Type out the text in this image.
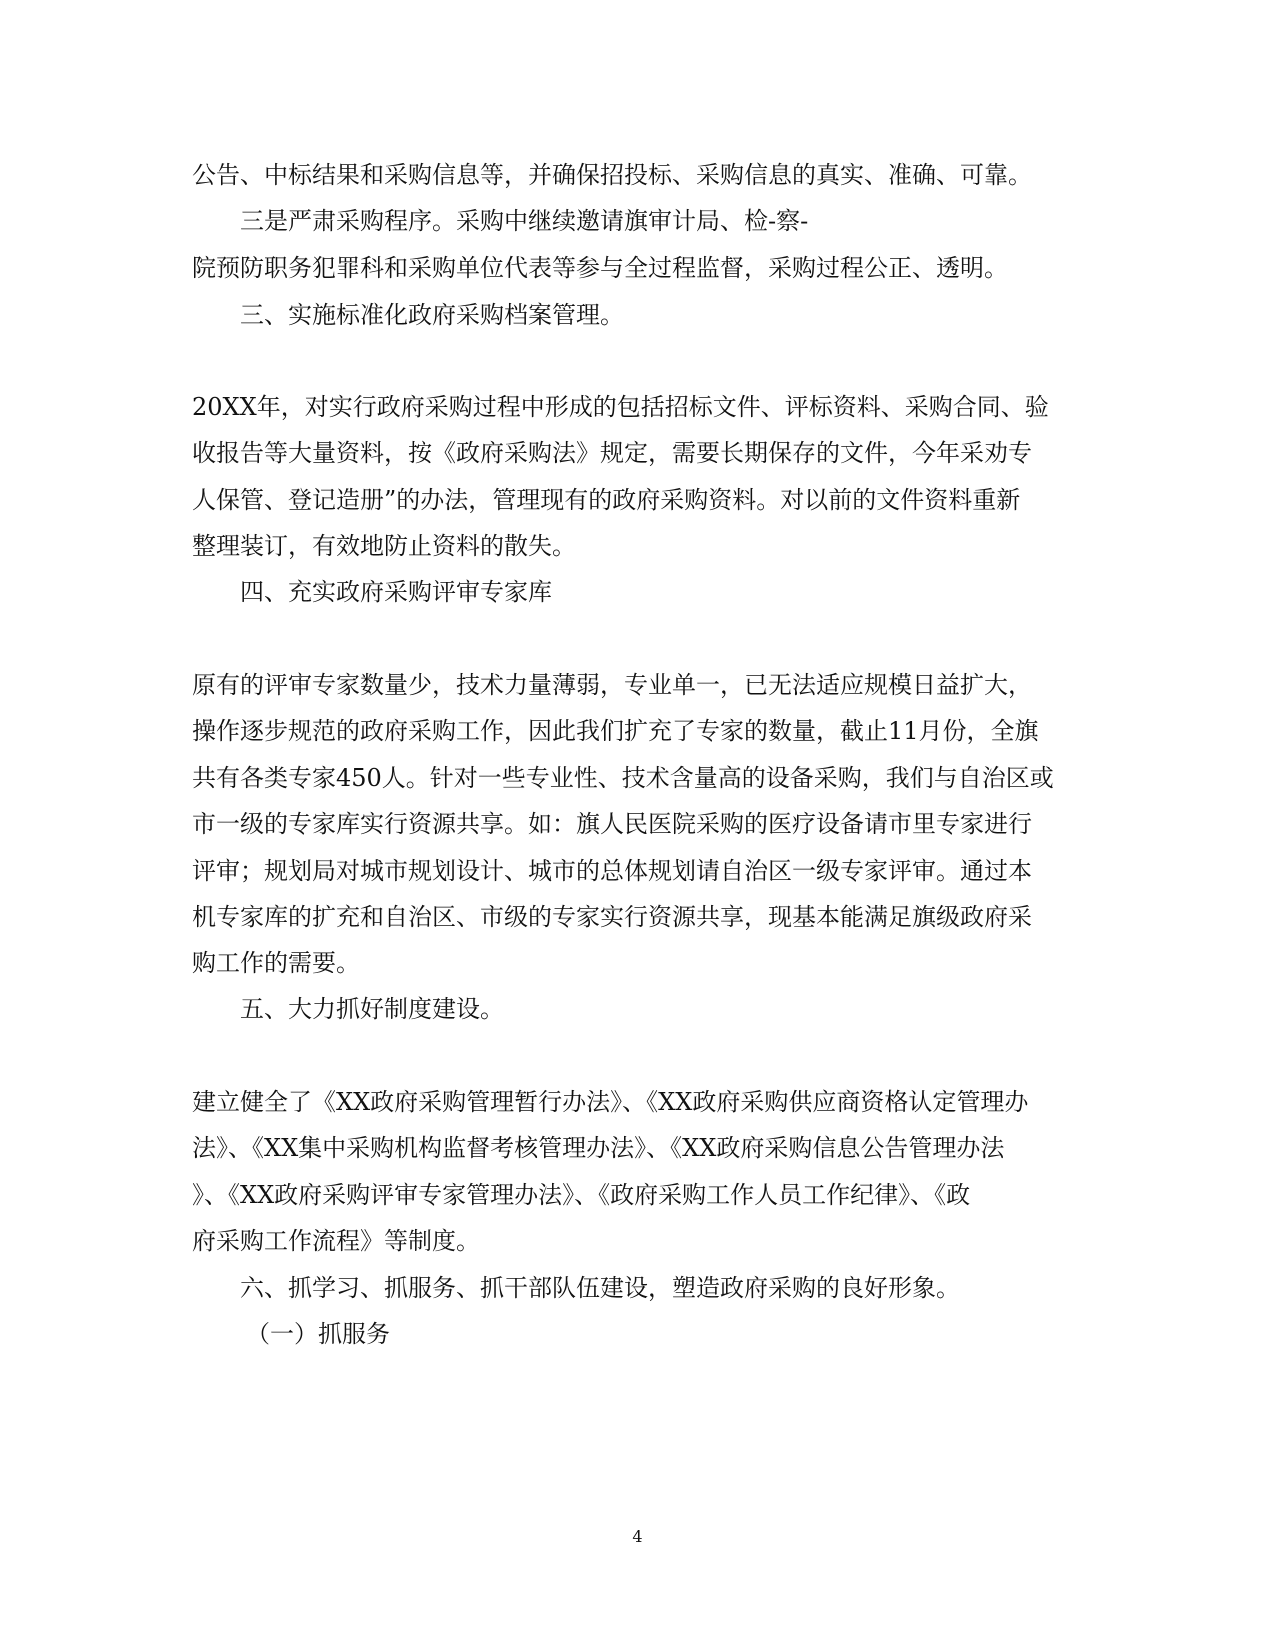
公告、中标结果和采购信息等，并确保招投标、采购信息的真实、准确、可靠。
三是严肃采购程序。采购中继续邀请旗审计局、检-察-
院预防职务犯罪科和采购单位代表等参与全过程监督，采购过程公正、透明。
三、实施标准化政府采购档案管理。
20XX年，对实行政府采购过程中形成的包括招标文件、评标资料、采购合同、验
收报告等大量资料，按《政府采购法》规定，需要长期保存的文件，今年采劝专
人保管、登记造册”的办法，管理现有的政府采购资料。对以前的文件资料重新
整理装订，有效地防止资料的散失。
四、充实政府采购评审专家库
原有的评审专家数量少，技术力量薄弱，专业单一，已无法适应规模日益扩大，
操作逐步规范的政府采购工作，因此我们扩充了专家的数量，截止11月份，全旗
共有各类专家450人。针对一些专业性、技术含量高的设备采购，我们与自治区或
市一级的专家库实行资源共享。如：旗人民医院采购的医疗设备请市里专家进行
评审；规划局对城市规划设计、城市的总体规划请自治区一级专家评审。通过本
机专家库的扩充和自治区、市级的专家实行资源共享，现基本能满足旗级政府采
购工作的需要。
五、大力抓好制度建设。
建立健全了《XX政府采购管理暂行办法》、《XX政府采购供应商资格认定管理办
法》、《XX集中采购机构监督考核管理办法》、《XX政府采购信息公告管理办法
》、《XX政府采购评审专家管理办法》、《政府采购工作人员工作纪律》、《政
府采购工作流程》等制度。
六、抓学习、抓服务、抓干部队伍建设，塑造政府采购的良好形象。
（一）抓服务
4
